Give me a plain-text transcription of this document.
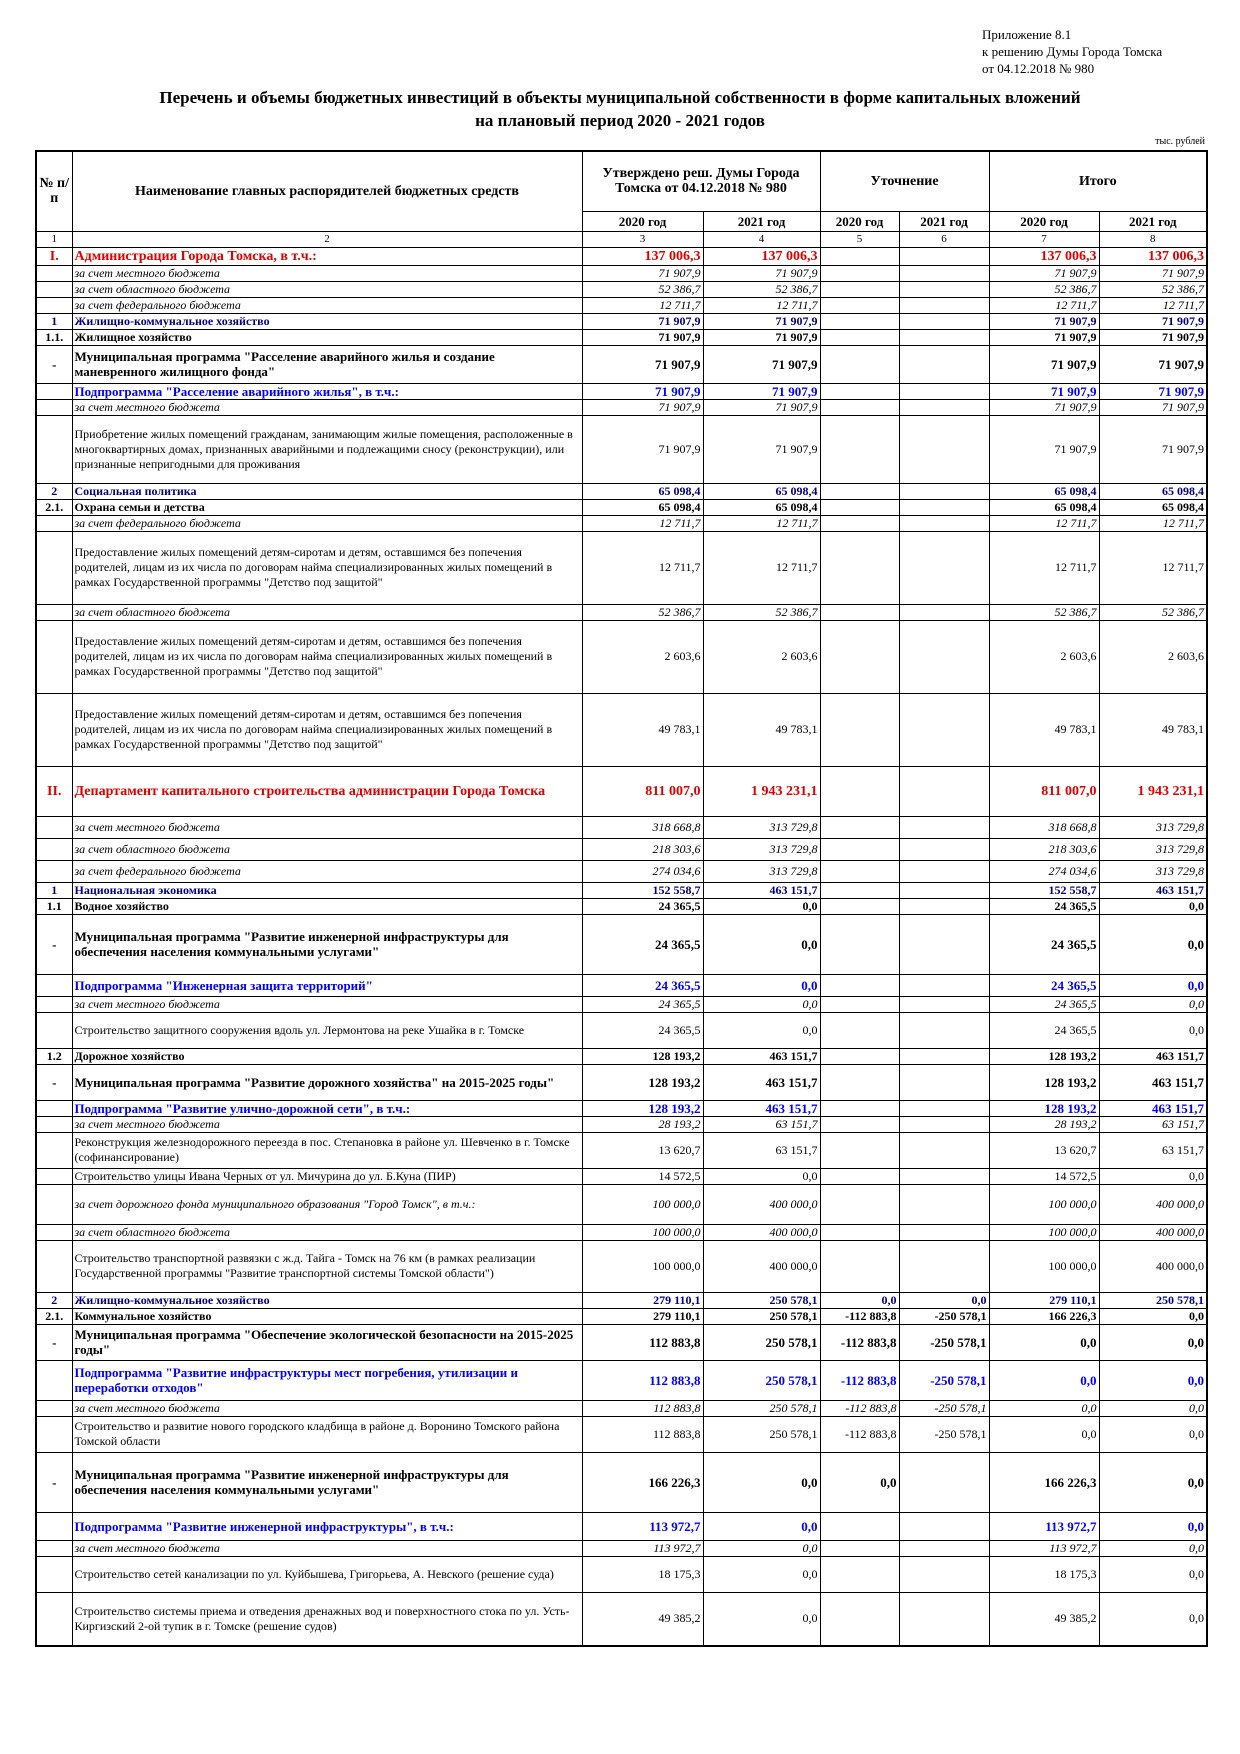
Приложение 8.1
к решению Думы Города Томска
от 04.12.2018 № 980
Перечень и объемы бюджетных инвестиций в объекты муниципальной собственности в форме капитальных вложений
на плановый период 2020 - 2021 годов
тыс. рублей
№ п/п	Наименование главных распорядителей бюджетных средств	Утверждено реш. Думы Города Томска от 04.12.2018 № 980		Уточнение		Итого	
		2020 год	2021 год	2020 год	2021 год	2020 год	2021 год
1	2	3	4	5	6	7	8
I.	Администрация Города Томска, в т.ч.:	137 006,3	137 006,3			137 006,3	137 006,3
	за счет местного бюджета	71 907,9	71 907,9			71 907,9	71 907,9
	за счет областного бюджета	52 386,7	52 386,7			52 386,7	52 386,7
	за счет федерального бюджета	12 711,7	12 711,7			12 711,7	12 711,7
1	Жилищно-коммунальное хозяйство	71 907,9	71 907,9			71 907,9	71 907,9
1.1.	Жилищное хозяйство	71 907,9	71 907,9			71 907,9	71 907,9
-	Муниципальная программа "Расселение аварийного жилья и создание маневренного жилищного фонда"	71 907,9	71 907,9			71 907,9	71 907,9
	Подпрограмма "Расселение аварийного жилья", в т.ч.:	71 907,9	71 907,9			71 907,9	71 907,9
	за счет местного бюджета	71 907,9	71 907,9			71 907,9	71 907,9
	Приобретение жилых помещений гражданам, занимающим жилые помещения, расположенные в многоквартирных домах, признанных аварийными и подлежащими сносу (реконструкции), или признанные непригодными для проживания	71 907,9	71 907,9			71 907,9	71 907,9
2	Социальная политика	65 098,4	65 098,4			65 098,4	65 098,4
2.1.	Охрана семьи и детства	65 098,4	65 098,4			65 098,4	65 098,4
	за счет федерального бюджета	12 711,7	12 711,7			12 711,7	12 711,7
	Предоставление жилых помещений детям-сиротам и детям, оставшимся без попечения родителей, лицам из их числа по договорам найма специализированных жилых помещений в рамках Государственной программы "Детство под защитой"	12 711,7	12 711,7			12 711,7	12 711,7
	за счет областного бюджета	52 386,7	52 386,7			52 386,7	52 386,7
	Предоставление жилых помещений детям-сиротам и детям, оставшимся без попечения родителей, лицам из их числа по договорам найма специализированных жилых помещений в рамках Государственной программы "Детство под защитой"	2 603,6	2 603,6			2 603,6	2 603,6
	Предоставление жилых помещений детям-сиротам и детям, оставшимся без попечения родителей, лицам из их числа по договорам найма специализированных жилых помещений в рамках Государственной программы "Детство под защитой"	49 783,1	49 783,1			49 783,1	49 783,1
II.	Департамент капитального строительства администрации Города Томска	811 007,0	1 943 231,1			811 007,0	1 943 231,1
	за счет местного бюджета	318 668,8	313 729,8			318 668,8	313 729,8
	за счет областного бюджета	218 303,6	313 729,8			218 303,6	313 729,8
	за счет федерального бюджета	274 034,6	313 729,8			274 034,6	313 729,8
1	Национальная экономика	152 558,7	463 151,7			152 558,7	463 151,7
1.1	Водное хозяйство	24 365,5	0,0			24 365,5	0,0
-	Муниципальная программа "Развитие инженерной инфраструктуры для обеспечения населения коммунальными услугами"	24 365,5	0,0			24 365,5	0,0
	Подпрограмма "Инженерная защита территорий"	24 365,5	0,0			24 365,5	0,0
	за счет местного бюджета	24 365,5	0,0			24 365,5	0,0
	Строительство защитного сооружения вдоль ул. Лермонтова на реке Ушайка в г. Томске	24 365,5	0,0			24 365,5	0,0
1.2	Дорожное хозяйство	128 193,2	463 151,7			128 193,2	463 151,7
-	Муниципальная программа "Развитие дорожного хозяйства" на 2015-2025 годы"	128 193,2	463 151,7			128 193,2	463 151,7
	Подпрограмма "Развитие улично-дорожной сети", в т.ч.:	128 193,2	463 151,7			128 193,2	463 151,7
	за счет местного бюджета	28 193,2	63 151,7			28 193,2	63 151,7
	Реконструкция железнодорожного переезда в пос. Степановка в районе ул. Шевченко в г. Томске (софинансирование)	13 620,7	63 151,7			13 620,7	63 151,7
	Строительство улицы Ивана Черных от ул. Мичурина до ул. Б.Куна (ПИР)	14 572,5	0,0			14 572,5	0,0
	за счет дорожного фонда муниципального образования "Город Томск", в т.ч.:	100 000,0	400 000,0			100 000,0	400 000,0
	за счет областного бюджета	100 000,0	400 000,0			100 000,0	400 000,0
	Строительство транспортной развязки с ж.д. Тайга - Томск на 76 км (в рамках реализации Государственной программы "Развитие транспортной системы Томской области")	100 000,0	400 000,0			100 000,0	400 000,0
2	Жилищно-коммунальное хозяйство	279 110,1	250 578,1	0,0	0,0	279 110,1	250 578,1
2.1.	Коммунальное хозяйство	279 110,1	250 578,1	-112 883,8	-250 578,1	166 226,3	0,0
-	Муниципальная программа "Обеспечение экологической безопасности на 2015-2025 годы"	112 883,8	250 578,1	-112 883,8	-250 578,1	0,0	0,0
	Подпрограмма "Развитие инфраструктуры мест погребения, утилизации и переработки отходов"	112 883,8	250 578,1	-112 883,8	-250 578,1	0,0	0,0
	за счет местного бюджета	112 883,8	250 578,1	-112 883,8	-250 578,1	0,0	0,0
	Строительство и развитие нового городского кладбища в районе д. Воронино Томского района Томской области	112 883,8	250 578,1	-112 883,8	-250 578,1	0,0	0,0
-	Муниципальная программа "Развитие инженерной инфраструктуры для обеспечения населения коммунальными услугами"	166 226,3	0,0	0,0		166 226,3	0,0
	Подпрограмма "Развитие инженерной инфраструктуры", в т.ч.:	113 972,7	0,0			113 972,7	0,0
	за счет местного бюджета	113 972,7	0,0			113 972,7	0,0
	Строительство сетей канализации по ул. Куйбышева, Григорьева, А. Невского (решение суда)	18 175,3	0,0			18 175,3	0,0
	Строительство системы приема и отведения дренажных вод и поверхностного стока по ул. Усть-Киргизский 2-ой тупик в г. Томске (решение судов)	49 385,2	0,0			49 385,2	0,0
